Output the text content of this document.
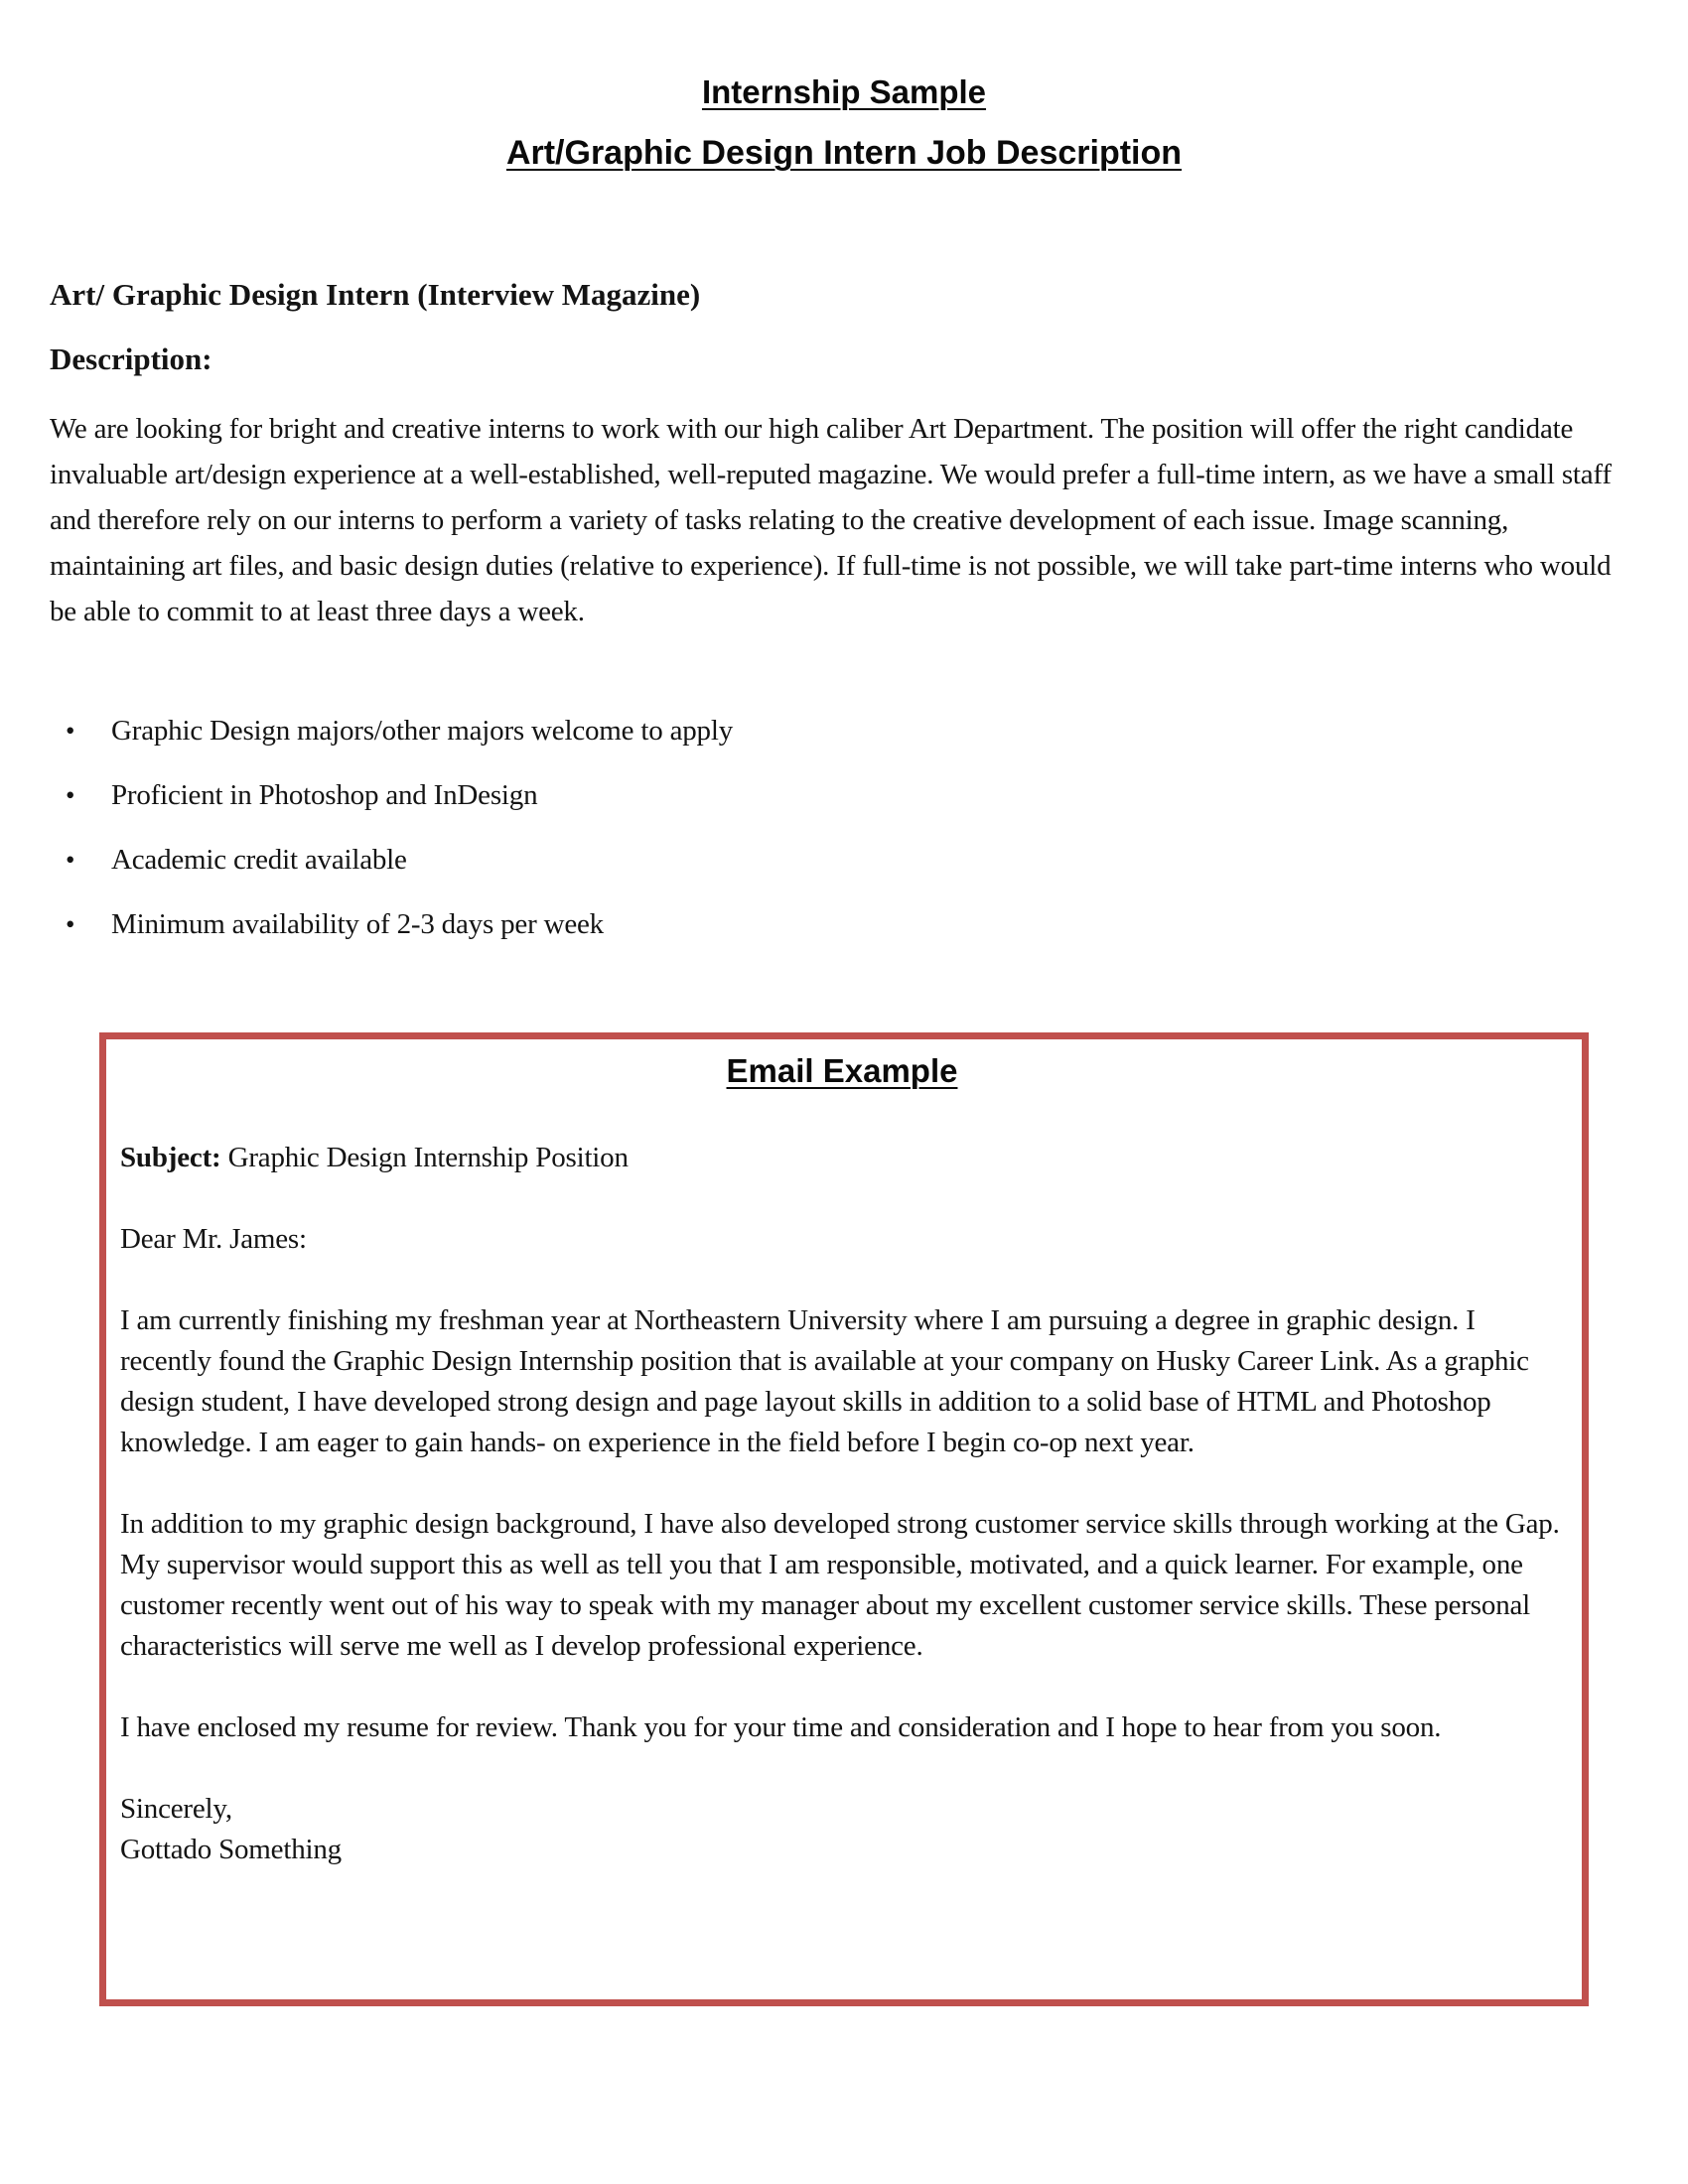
Internship Sample
Art/Graphic Design Intern Job Description
Art/ Graphic Design Intern (Interview Magazine)
Description:
We are looking for bright and creative interns to work with our high caliber Art Department. The position will offer the right candidate invaluable art/design experience at a well-established, well-reputed magazine. We would prefer a full-time intern, as we have a small staff and therefore rely on our interns to perform a variety of tasks relating to the creative development of each issue. Image scanning, maintaining art files, and basic design duties (relative to experience). If full-time is not possible, we will take part-time interns who would be able to commit to at least three days a week.
• Graphic Design majors/other majors welcome to apply
• Proficient in Photoshop and InDesign
• Academic credit available
• Minimum availability of 2-3 days per week
Email Example

Subject: Graphic Design Internship Position

Dear Mr. James:

I am currently finishing my freshman year at Northeastern University where I am pursuing a degree in graphic design. I recently found the Graphic Design Internship position that is available at your company on Husky Career Link. As a graphic design student, I have developed strong design and page layout skills in addition to a solid base of HTML and Photoshop knowledge. I am eager to gain hands- on experience in the field before I begin co-op next year.

In addition to my graphic design background, I have also developed strong customer service skills through working at the Gap. My supervisor would support this as well as tell you that I am responsible, motivated, and a quick learner. For example, one customer recently went out of his way to speak with my manager about my excellent customer service skills. These personal characteristics will serve me well as I develop professional experience.

I have enclosed my resume for review. Thank you for your time and consideration and I hope to hear from you soon.

Sincerely,

Gottado Something
